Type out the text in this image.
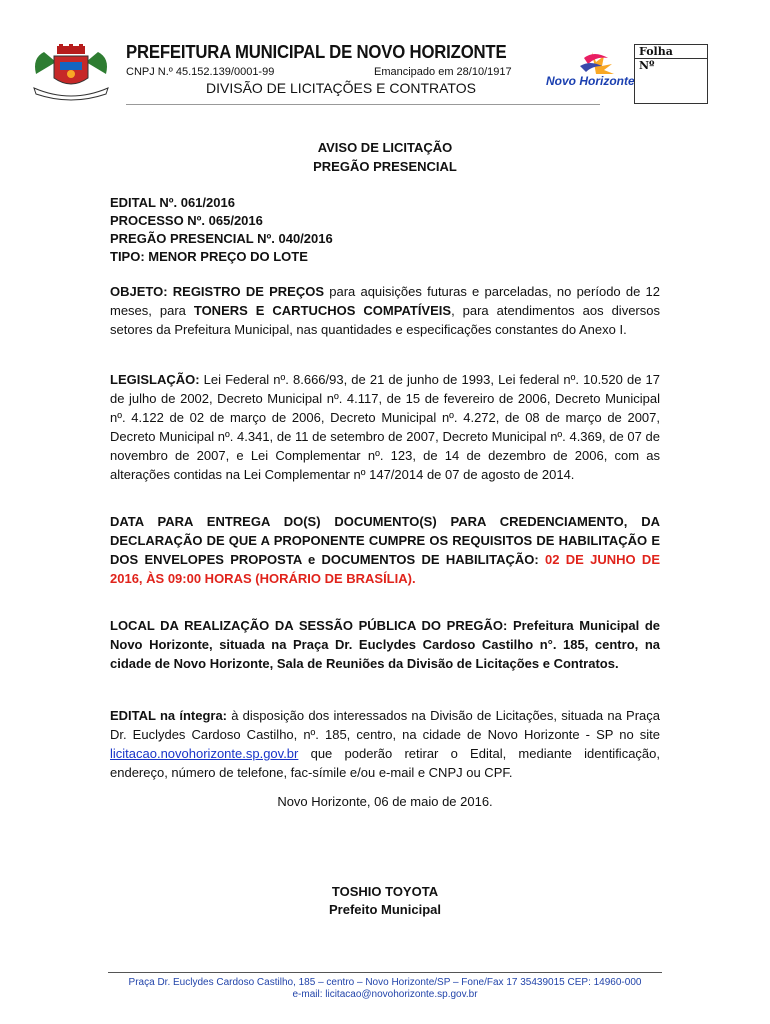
PREFEITURA MUNICIPAL DE NOVO HORIZONTE
CNPJ N.º 45.152.139/0001-99	Emancipado em 28/10/1917
DIVISÃO DE LICITAÇÕES E CONTRATOS	Novo Horizonte
Folha
Nº
AVISO DE LICITAÇÃO
PREGÃO PRESENCIAL
EDITAL Nº. 061/2016
PROCESSO Nº. 065/2016
PREGÃO PRESENCIAL Nº. 040/2016
TIPO: MENOR PREÇO DO LOTE
OBJETO: REGISTRO DE PREÇOS para aquisições futuras e parceladas, no período de 12 meses, para TONERS E CARTUCHOS COMPATÍVEIS, para atendimentos aos diversos setores da Prefeitura Municipal, nas quantidades e especificações constantes do Anexo I.
LEGISLAÇÃO: Lei Federal nº. 8.666/93, de 21 de junho de 1993, Lei federal nº. 10.520 de 17 de julho de 2002, Decreto Municipal nº. 4.117, de 15 de fevereiro de 2006, Decreto Municipal nº. 4.122 de 02 de março de 2006, Decreto Municipal nº. 4.272, de 08 de março de 2007, Decreto Municipal nº. 4.341, de 11 de setembro de 2007, Decreto Municipal nº. 4.369, de 07 de novembro de 2007, e Lei Complementar nº. 123, de 14 de dezembro de 2006, com as alterações contidas na Lei Complementar nº 147/2014 de 07 de agosto de 2014.
DATA PARA ENTREGA DO(S) DOCUMENTO(S) PARA CREDENCIAMENTO, DA DECLARAÇÃO DE QUE A PROPONENTE CUMPRE OS REQUISITOS DE HABILITAÇÃO E DOS ENVELOPES PROPOSTA e DOCUMENTOS DE HABILITAÇÃO: 02 DE JUNHO DE 2016, ÀS 09:00 HORAS (HORÁRIO DE BRASÍLIA).
LOCAL DA REALIZAÇÃO DA SESSÃO PÚBLICA DO PREGÃO: Prefeitura Municipal de Novo Horizonte, situada na Praça Dr. Euclydes Cardoso Castilho n°. 185, centro, na cidade de Novo Horizonte, Sala de Reuniões da Divisão de Licitações e Contratos.
EDITAL na íntegra: à disposição dos interessados na Divisão de Licitações, situada na Praça Dr. Euclydes Cardoso Castilho, nº. 185, centro, na cidade de Novo Horizonte - SP no site licitacao.novohorizonte.sp.gov.br que poderão retirar o Edital, mediante identificação, endereço, número de telefone, fac-símile e/ou e-mail e CNPJ ou CPF.
Novo Horizonte, 06 de maio de 2016.
TOSHIO TOYOTA
Prefeito Municipal
Praça Dr. Euclydes Cardoso Castilho, 185 – centro – Novo Horizonte/SP – Fone/Fax 17 35439015 CEP: 14960-000
e-mail: licitacao@novohorizonte.sp.gov.br
